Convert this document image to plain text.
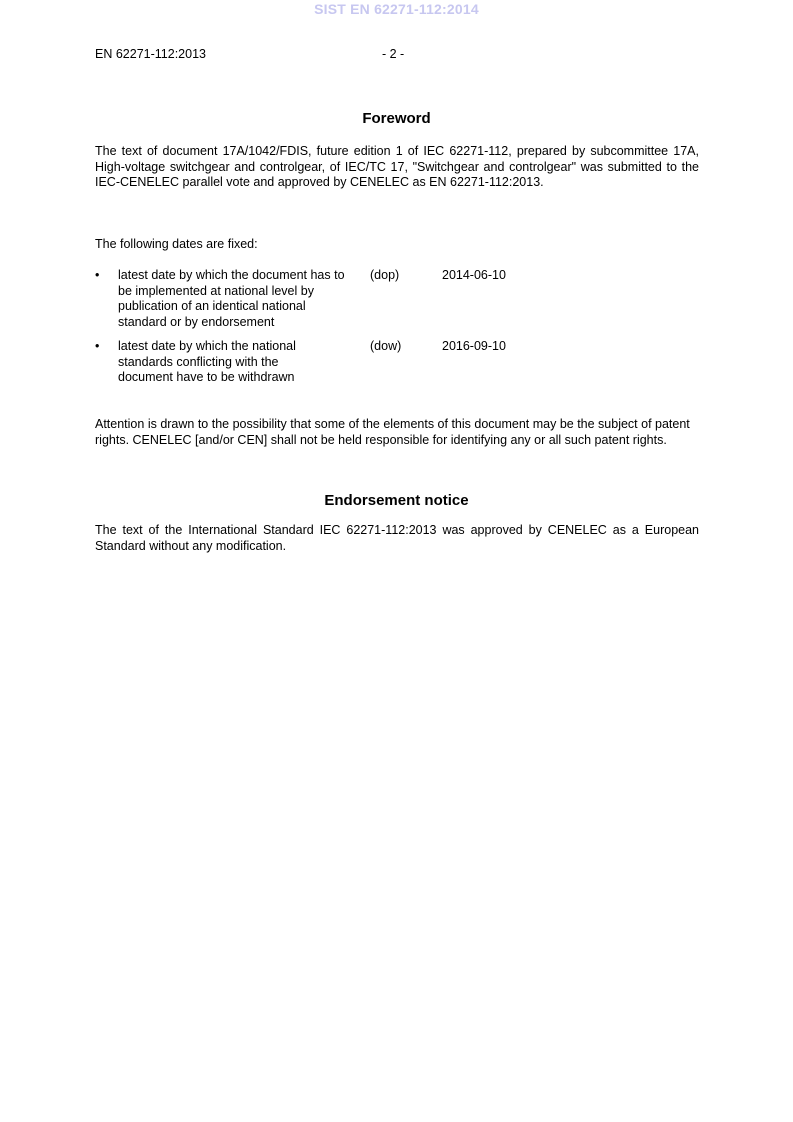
SIST EN 62271-112:2014
EN 62271-112:2013	- 2 -
Foreword
The text of document 17A/1042/FDIS, future edition 1 of IEC 62271-112, prepared by subcommittee 17A, High-voltage switchgear and controlgear, of IEC/TC 17, "Switchgear and controlgear" was submitted to the IEC-CENELEC parallel vote and approved by CENELEC as EN 62271-112:2013.
The following dates are fixed:
•	latest date by which the document has to be implemented at national level by publication of an identical national standard or by endorsement
(dop)	2014-06-10
•	latest date by which the national standards conflicting with the document have to be withdrawn
(dow)	2016-09-10
Attention is drawn to the possibility that some of the elements of this document may be the subject of patent rights. CENELEC [and/or CEN] shall not be held responsible for identifying any or all such patent rights.
Endorsement notice
The text of the International Standard IEC 62271-112:2013 was approved by CENELEC as a European Standard without any modification.
